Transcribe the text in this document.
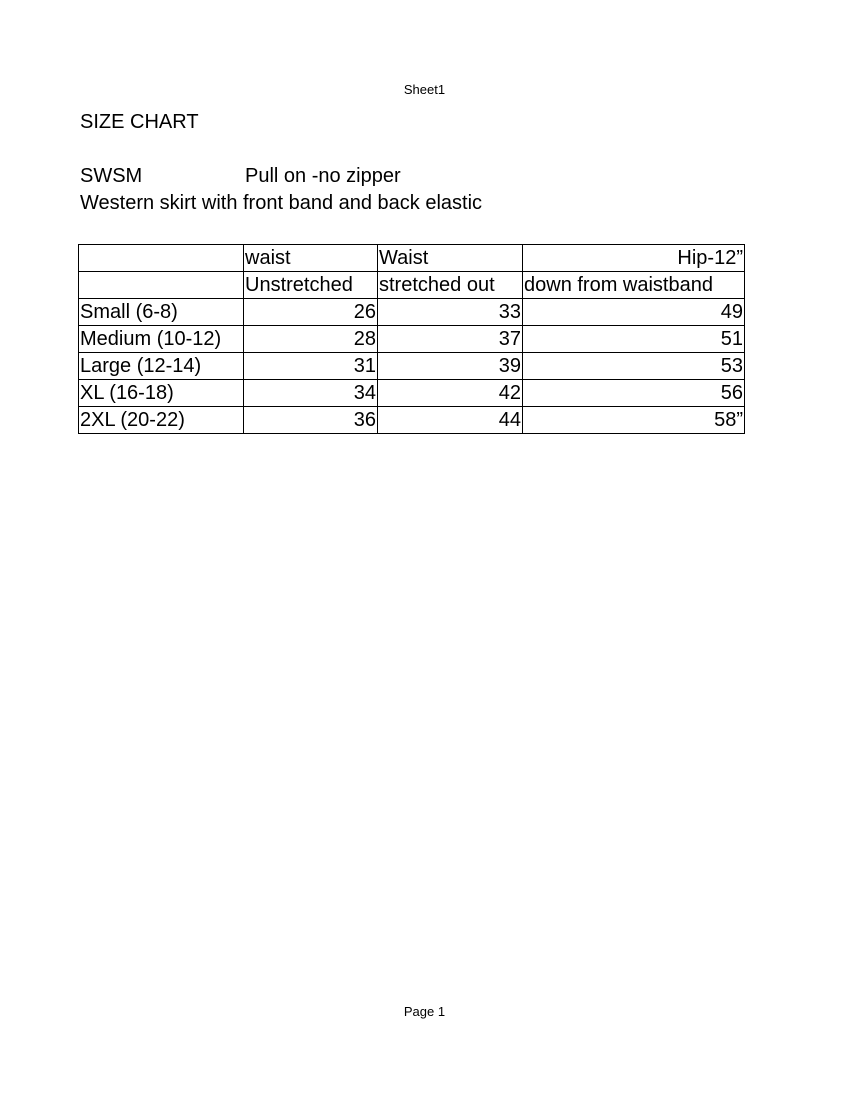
Sheet1
SIZE CHART
SWSM	Pull on -no zipper
Western skirt with front band and back elastic
	waist	Waist	Hip-12”
	Unstretched	stretched out	down from waistband
Small (6-8)	26	33	49
Medium (10-12)	28	37	51
Large (12-14)	31	39	53
XL (16-18)	34	42	56
2XL (20-22)	36	44	58”
Page 1
